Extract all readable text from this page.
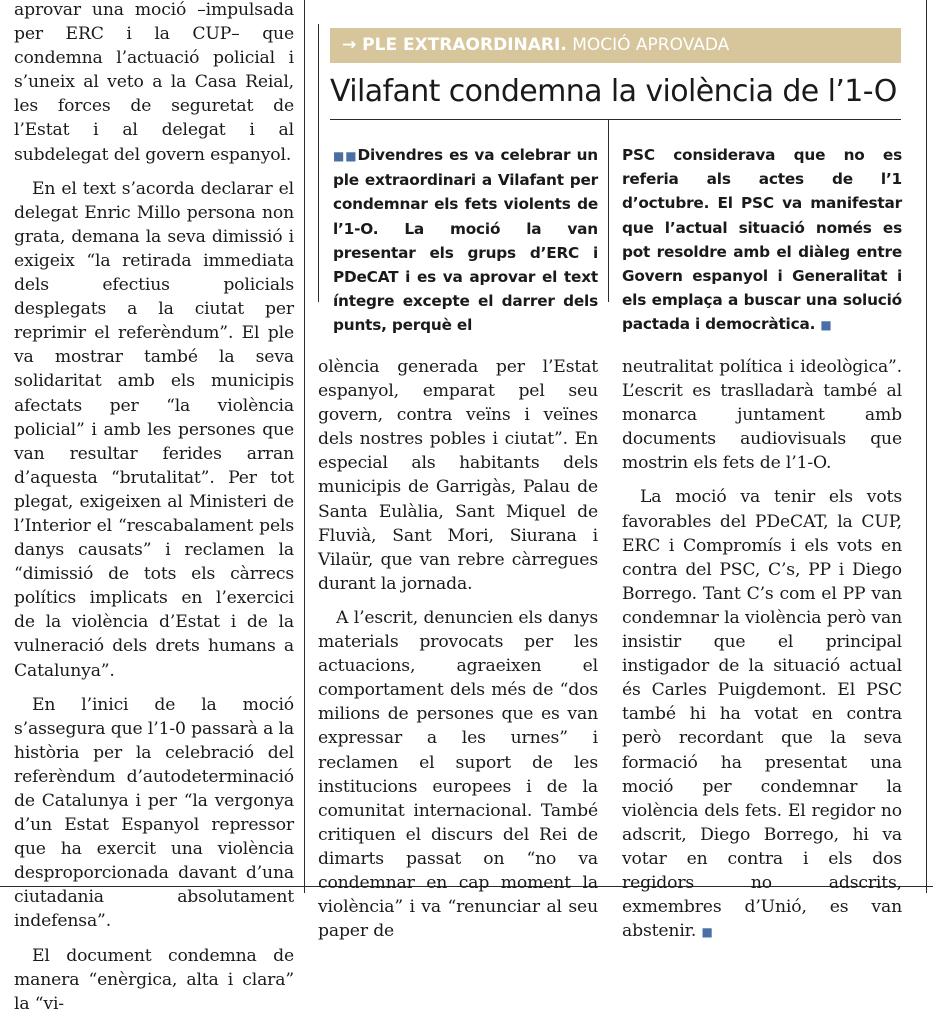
aprovar una moció –impulsada per ERC i la CUP– que condemna l’actuació policial i s’uneix al veto a la Casa Reial, les forces de seguretat de l’Estat i al delegat i al subdelegat del govern espanyol.

En el text s’acorda declarar el delegat Enric Millo persona non grata, demana la seva dimissió i exigeix “la retirada immediata dels efectius policials desplegats a la ciutat per reprimir el referèndum”. El ple va mostrar també la seva solidaritat amb els municipis afectats per “la violència policial” i amb les persones que van resultar ferides arran d’aquesta “brutalitat”. Per tot plegat, exigeixen al Ministeri de l’Interior el “rescabalament pels danys causats” i reclamen la “dimissió de tots els càrrecs polítics implicats en l’exercici de la violència d’Estat i de la vulneració dels drets humans a Catalunya”.

En l’inici de la moció s’assegura que l’1-0 passarà a la història per la celebració del referèndum d’autodeterminació de Catalunya i per “la vergonya d’un Estat Espanyol repressor que ha exercit una violència desproporcionada davant d’una ciutadania absolutament indefensa”.

El document condemna de manera “enèrgica, alta i clara” la “vi-

→ PLE EXTRAORDINARI. MOCIÓ APROVADA
Vilafant condemna la violència de l’1-O
■■Divendres es va celebrar un ple extraordinari a Vilafant per condemnar els fets violents de l’1-O. La moció la van presentar els grups d’ERC i PDeCAT i es va aprovar el text íntegre excepte el darrer dels punts, perquè el
PSC considerava que no es referia als actes de l’1 d’octubre. El PSC va manifestar que l’actual situació només es pot resoldre amb el diàleg entre Govern espanyol i Generalitat i els emplaça a buscar una solució pactada i democràtica. ■

olència generada per l’Estat espanyol, emparat pel seu govern, contra veïns i veïnes dels nostres pobles i ciutat”. En especial als habitants dels municipis de Garrigàs, Palau de Santa Eulàlia, Sant Miquel de Fluvià, Sant Mori, Siurana i Vilaür, que van rebre càrregues durant la jornada.

A l’escrit, denuncien els danys materials provocats per les actuacions, agraeixen el comportament dels més de “dos milions de persones que es van expressar a les urnes” i reclamen el suport de les institucions europees i de la comunitat internacional. També critiquen el discurs del Rei de dimarts passat on “no va condemnar en cap moment la violència” i va “renunciar al seu paper de

neutralitat política i ideològica”. L’escrit es traslladarà també al monarca juntament amb documents audiovisuals que mostrin els fets de l’1-O.

La moció va tenir els vots favorables del PDeCAT, la CUP, ERC i Compromís i els vots en contra del PSC, C’s, PP i Diego Borrego. Tant C’s com el PP van condemnar la violència però van insistir que el principal instigador de la situació actual és Carles Puigdemont. El PSC també hi ha votat en contra però recordant que la seva formació ha presentat una moció per condemnar la violència dels fets. El regidor no adscrit, Diego Borrego, hi va votar en contra i els dos regidors no adscrits, exmembres d’Unió, es van abstenir. ■
